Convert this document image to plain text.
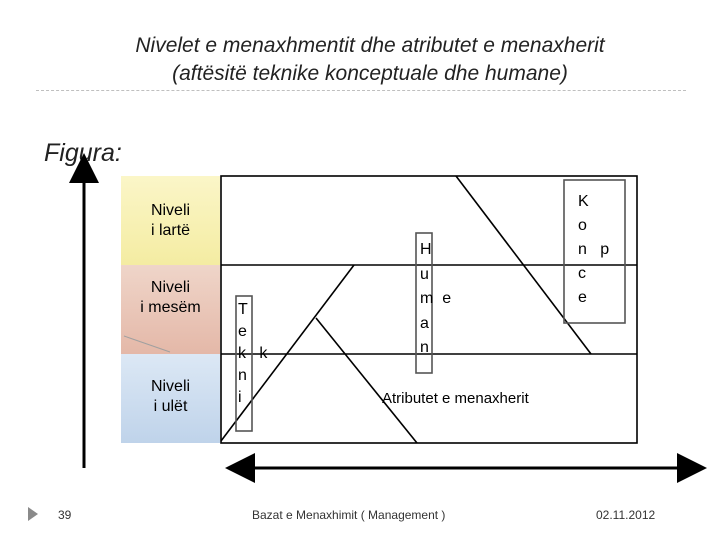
Nivelet e menaxhmentit dhe atributet e menaxherit
(aftësitë teknike konceptuale dhe humane)
Figura:
Niveli
i lartë
Niveli
i mesëm
Niveli
i ulët
T
e
k   k
n
i
H
u
m  e
a
n
K
o
n   p
c
e
Atributet e menaxherit
39	Bazat e Menaxhimit ( Management )	02.11.2012
